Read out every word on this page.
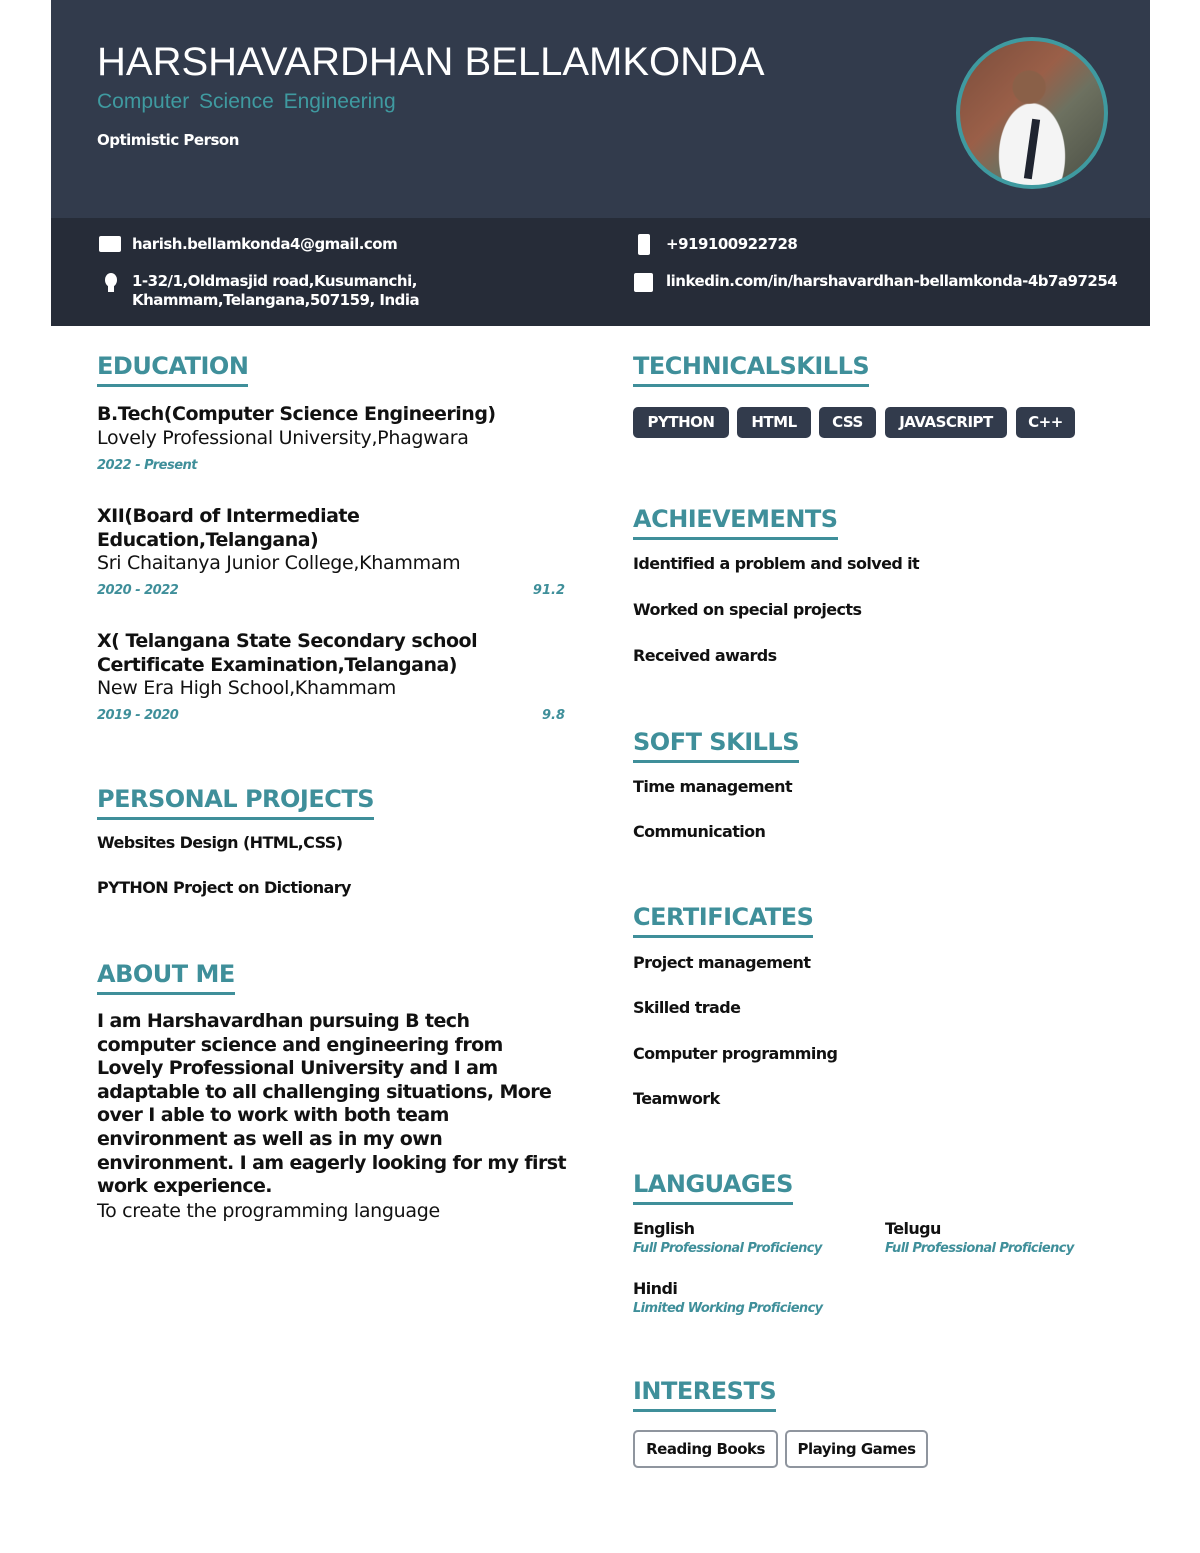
HARSHAVARDHAN BELLAMKONDA
Computer Science Engineering
Optimistic Person
harish.bellamkonda4@gmail.com
1-32/1,Oldmasjid road,Kusumanchi,
Khammam,Telangana,507159, India
+919100922728
linkedin.com/in/harshavardhan-bellamkonda-4b7a97254
EDUCATION
B.Tech(Computer Science Engineering)
Lovely Professional University,Phagwara
2022 - Present
XII(Board of Intermediate
Education,Telangana)
Sri Chaitanya Junior College,Khammam
2020 - 2022	91.2
X( Telangana State Secondary school
Certificate Examination,Telangana)
New Era High School,Khammam
2019 - 2020	9.8
PERSONAL PROJECTS
Websites Design (HTML,CSS)
PYTHON Project on Dictionary
ABOUT ME
I am Harshavardhan pursuing B tech computer science and engineering from Lovely Professional University and I am adaptable to all challenging situations, More over I able to work with both team environment as well as in my own environment. I am eagerly looking for my first work experience.
To create the programming language
TECHNICALSKILLS
PYTHON	HTML	CSS	JAVASCRIPT	C++
ACHIEVEMENTS
Identified a problem and solved it
Worked on special projects
Received awards
SOFT SKILLS
Time management
Communication
CERTIFICATES
Project management
Skilled trade
Computer programming
Teamwork
LANGUAGES
English
Full Professional Proficiency
Telugu
Full Professional Proficiency
Hindi
Limited Working Proficiency
INTERESTS
Reading Books	Playing Games
